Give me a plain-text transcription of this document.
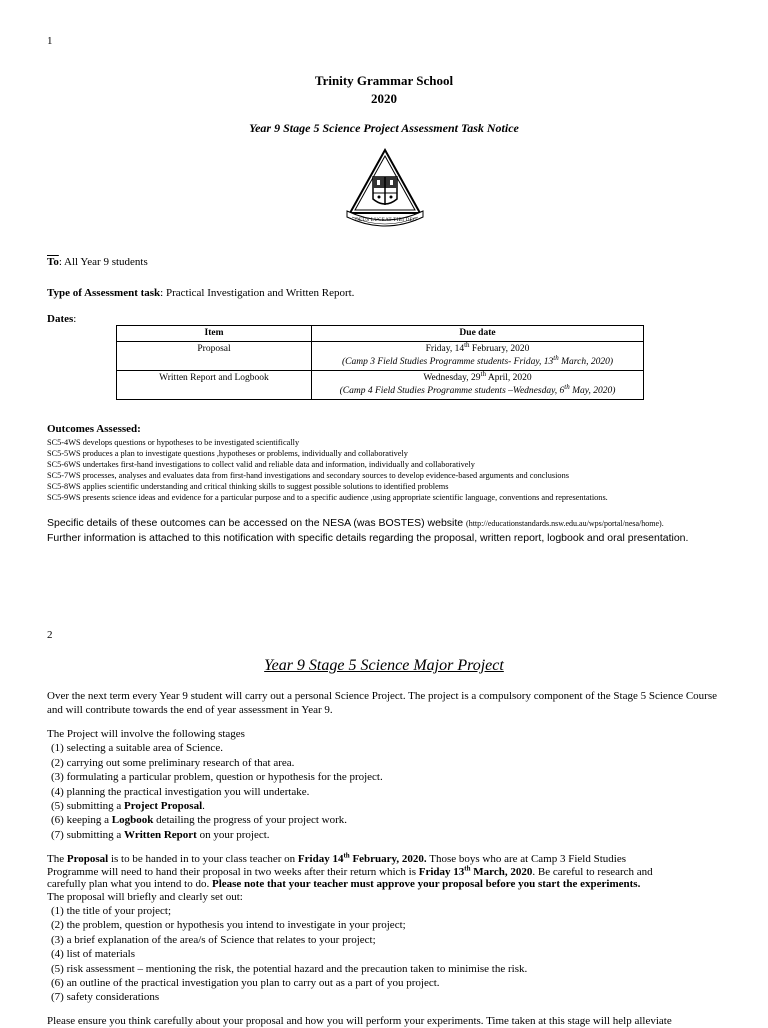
1
Trinity Grammar School
2020
Year 9 Stage 5 Science Project Assessment Task Notice
DEUS LUCEAT TIBI DEO
$\overline{To}$: All Year 9 students
Type of Assessment task: Practical Investigation and Written Report.
Dates:
Item	Due date
Proposal	Friday, 14th February, 2020
(Camp 3 Field Studies Programme students- Friday, 13th March, 2020)

Written Report and Logbook	Wednesday, 29th April, 2020
(Camp 4 Field Studies Programme students –Wednesday, 6th May, 2020)
Outcomes Assessed:
SC5-4WS develops questions or hypotheses to be investigated scientifically
SC5-5WS produces a plan to investigate questions ,hypotheses or problems, individually and collaboratively
SC5-6WS undertakes first-hand investigations to collect valid and reliable data and information, individually and collaboratively
SC5-7WS processes, analyses and evaluates data from first-hand investigations and secondary sources to develop evidence-based arguments and conclusions
SC5-8WS applies scientific understanding and critical thinking skills to suggest possible solutions to identified problems
SC5-9WS presents science ideas and evidence for a particular purpose and to a specific audience ,using appropriate scientific language, conventions and representations.
Specific details of these outcomes can be accessed on the NESA (was BOSTES) website (http://educationstandards.nsw.edu.au/wps/portal/nesa/home).
Further information is attached to this notification with specific details regarding the proposal, written report, logbook and oral presentation.
2
Year 9 Stage 5 Science Major Project
Over the next term every Year 9 student will carry out a personal Science Project. The project is a compulsory component of the Stage 5 Science Course and will contribute towards the end of year assessment in Year 9.
The Project will involve the following stages
(1) selecting a suitable area of Science.
(2) carrying out some preliminary research of that area.
(3) formulating a particular problem, question or hypothesis for the project.
(4) planning the practical investigation you will undertake.
(5) submitting a Project Proposal.
(6) keeping a Logbook detailing the progress of your project work.
(7) submitting a Written Report on your project.
The Proposal is to be handed in to your class teacher on Friday 14th February, 2020. Those boys who are at Camp 3 Field Studies
Programme will need to hand their proposal in two weeks after their return which is Friday 13th March, 2020. Be careful to research and
carefully plan what you intend to do. Please note that your teacher must approve your proposal before you start the experiments.
The proposal will briefly and clearly set out:
(1) the title of your project;
(2) the problem, question or hypothesis you intend to investigate in your project;
(3) a brief explanation of the area/s of Science that relates to your project;
(4) list of materials
(5) risk assessment – mentioning the risk, the potential hazard and the precaution taken to minimise the risk.
(6) an outline of the practical investigation you plan to carry out as a part of you project.
(7) safety considerations
Please ensure you think carefully about your proposal and how you will perform your experiments. Time taken at this stage will help alleviate
